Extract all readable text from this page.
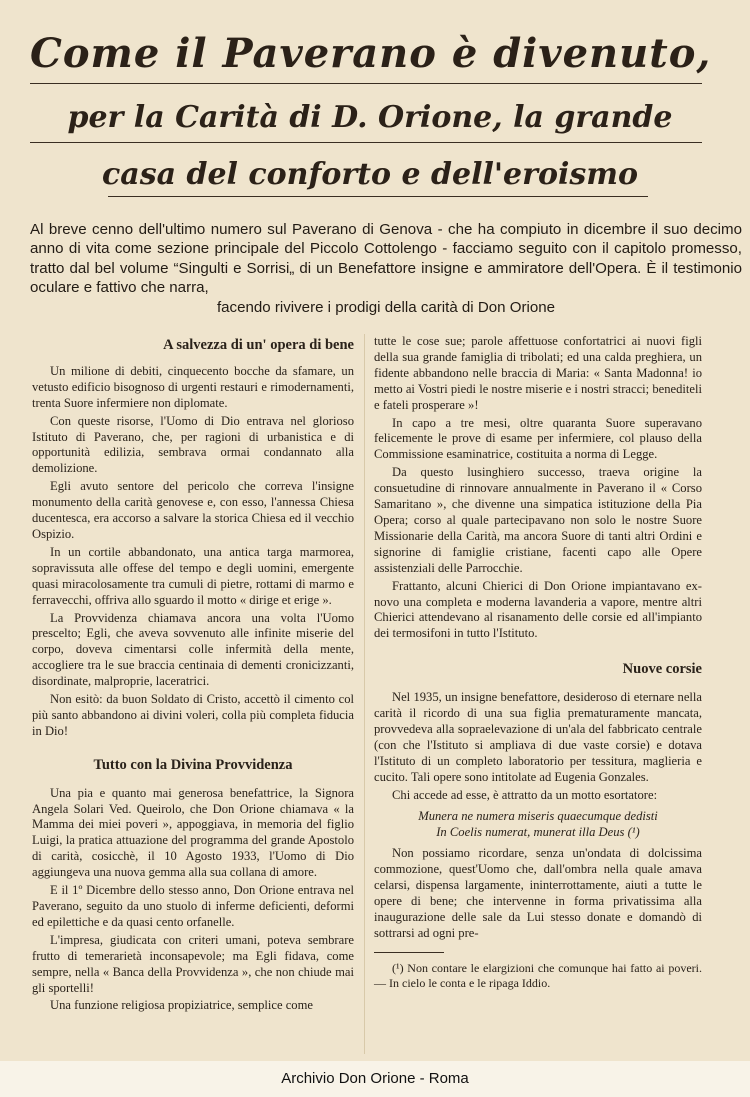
Come il Paverano è divenuto,
per la Carità di D. Orione, la grande
casa del conforto e dell'eroismo

Al breve cenno dell'ultimo numero sul Paverano di Genova - che ha compiuto in dicembre il suo decimo anno di vita come sezione principale del Piccolo Cottolengo - facciamo seguito con il capitolo promesso, tratto dal bel volume “Singulti e Sorrisi„ di un Benefattore insigne e ammiratore dell'Opera. È il testimonio oculare e fattivo che narra,

facendo rivivere i prodigi della carità di Don Orione

A salvezza di un' opera di bene

Un milione di debiti, cinquecento bocche da sfamare, un vetusto edificio bisognoso di urgenti restauri e rimodernamenti, trenta Suore infermiere non diplomate.

Con queste risorse, l'Uomo di Dio entrava nel glorioso Istituto di Paverano, che, per ragioni di urbanistica e di opportunità edilizia, sembrava ormai condannato alla demolizione.

Egli avuto sentore del pericolo che correva l'insigne monumento della carità genovese e, con esso, l'annessa Chiesa ducentesca, era accorso a salvare la storica Chiesa ed il vecchio Ospizio.

In un cortile abbandonato, una antica targa marmorea, sopravissuta alle offese del tempo e degli uomini, emergente quasi miracolosamente tra cumuli di pietre, rottami di marmo e ferravecchi, offriva allo sguardo il motto « dirige et erige ».

La Provvidenza chiamava ancora una volta l'Uomo prescelto; Egli, che aveva sovvenuto alle infinite miserie del corpo, doveva cimentarsi colle infermità della mente, accogliere tra le sue braccia centinaia di dementi cronicizzanti, disordinate, malproprie, laceratrici.

Non esitò: da buon Soldato di Cristo, accettò il cimento col più santo abbandono ai divini voleri, colla più completa fiducia in Dio!

Tutto con la Divina Provvidenza

Una pia e quanto mai generosa benefattrice, la Signora Angela Solari Ved. Queirolo, che Don Orione chiamava « la Mamma dei miei poveri », appoggiava, in memoria del figlio Luigi, la pratica attuazione del programma del grande Apostolo di carità, cosicchè, il 10 Agosto 1933, l'Uomo di Dio aggiungeva una nuova gemma alla sua collana di amore.

E il 1º Dicembre dello stesso anno, Don Orione entrava nel Paverano, seguito da uno stuolo di inferme deficienti, deformi ed epilettiche e da quasi cento orfanelle.

L'impresa, giudicata con criteri umani, poteva sembrare frutto di temerarietà inconsapevole; ma Egli fidava, come sempre, nella « Banca della Provvidenza », che non chiude mai gli sportelli!

Una funzione religiosa propiziatrice, semplice come

tutte le cose sue; parole affettuose confortatrici ai nuovi figli della sua grande famiglia di tribolati; ed una calda preghiera, un fidente abbandono nelle braccia di Maria: « Santa Madonna! io metto ai Vostri piedi le nostre miserie e i nostri stracci; benediteli e fateli prosperare »!

In capo a tre mesi, oltre quaranta Suore superavano felicemente le prove di esame per infermiere, col plauso della Commissione esaminatrice, costituita a norma di Legge.

Da questo lusinghiero successo, traeva origine la consuetudine di rinnovare annualmente in Paverano il « Corso Samaritano », che divenne una simpatica istituzione della Pia Opera; corso al quale partecipavano non solo le nostre Suore Missionarie della Carità, ma ancora Suore di tanti altri Ordini e signorine di famiglie cristiane, facenti capo alle Opere assistenziali delle Parrocchie.

Frattanto, alcuni Chierici di Don Orione impiantavano ex-novo una completa e moderna lavanderia a vapore, mentre altri Chierici attendevano al risanamento delle corsie ed all'impianto dei termosifoni in tutto l'Istituto.

Nuove corsie

Nel 1935, un insigne benefattore, desideroso di eternare nella carità il ricordo di una sua figlia prematuramente mancata, provvedeva alla sopraelevazione di un'ala del fabbricato centrale (con che l'Istituto si ampliava di due vaste corsie) e dotava l'Istituto di un completo laboratorio per tessitura, maglieria e cucito. Tali opere sono intitolate ad Eugenia Gonzales.

Chi accede ad esse, è attratto da un motto esortatore:

Munera ne numera miseris quaecumque dedisti
In Coelis numerat, munerat illa Deus (¹)

Non possiamo ricordare, senza un'ondata di dolcissima commozione, quest'Uomo che, dall'ombra nella quale amava celarsi, dispensa largamente, ininterrottamente, aiuti a tutte le opere di bene; che intervenne in forma privatissima alla inaugurazione delle sale da Lui stesso donate e domandò di sottrarsi ad ogni pre-

(¹) Non contare le elargizioni che comunque hai fatto ai poveri. — In cielo le conta e le ripaga Iddio.

Archivio Don Orione - Roma
